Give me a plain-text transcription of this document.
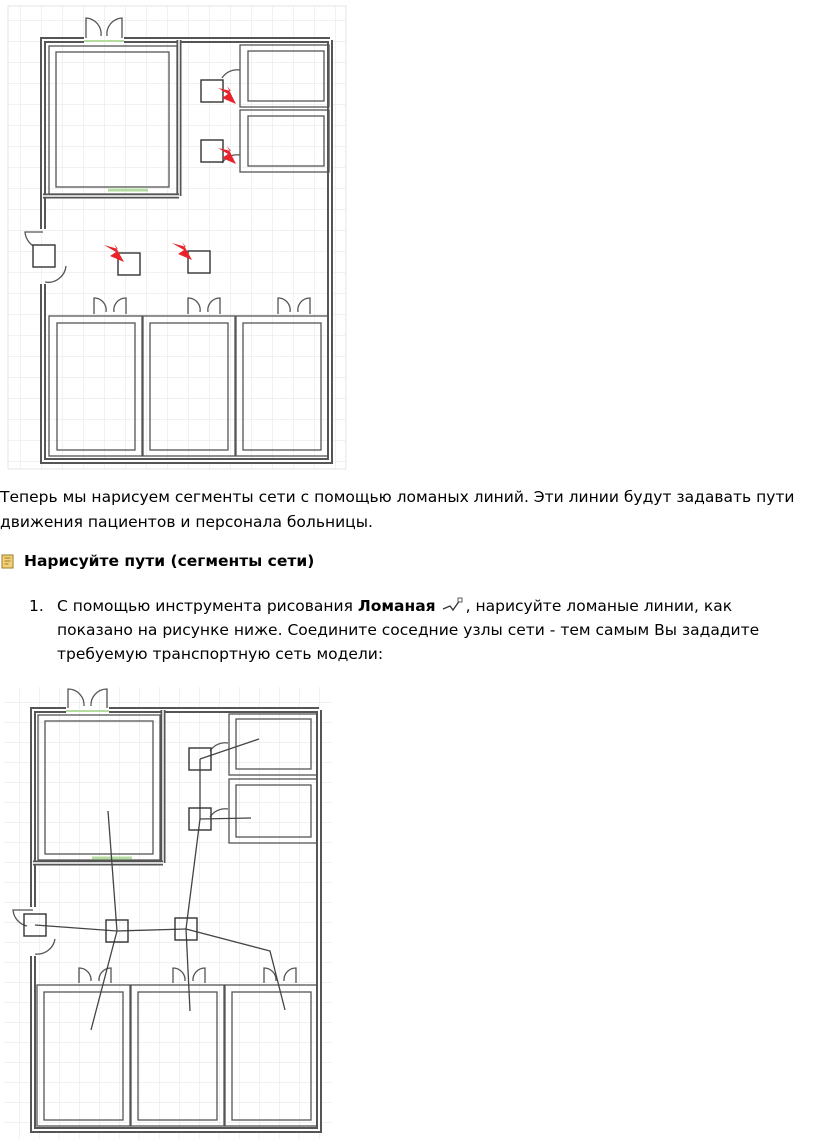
Теперь мы нарисуем сегменты сети с помощью ломаных линий. Эти линии будут задавать пути движения пациентов и персонала больницы.
Нарисуйте пути (сегменты сети)
1. С помощью инструмента рисования Ломаная , нарисуйте ломаные линии, как показано на рисунке ниже. Соедините соседние узлы сети - тем самым Вы зададите требуемую транспортную сеть модели:
